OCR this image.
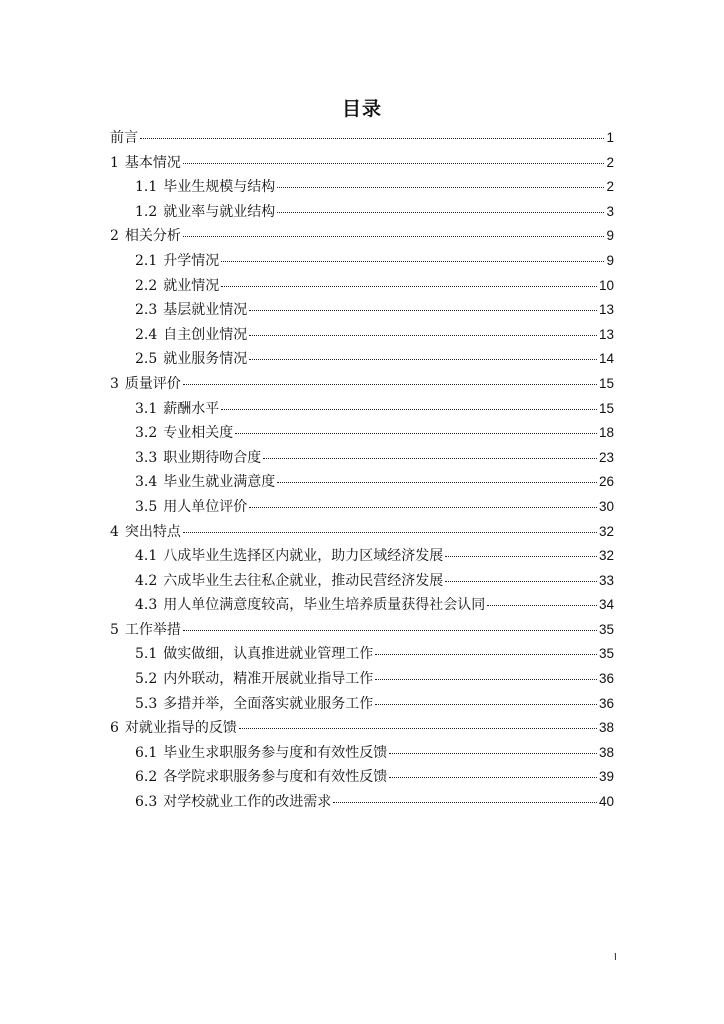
目录
前言	1
1 基本情况	2
1.1 毕业生规模与结构	2
1.2 就业率与就业结构	3
2 相关分析	9
2.1 升学情况	9
2.2 就业情况	10
2.3 基层就业情况	13
2.4 自主创业情况	13
2.5 就业服务情况	14
3 质量评价	15
3.1 薪酬水平	15
3.2 专业相关度	18
3.3 职业期待吻合度	23
3.4 毕业生就业满意度	26
3.5 用人单位评价	30
4 突出特点	32
4.1 八成毕业生选择区内就业，助力区域经济发展	32
4.2 六成毕业生去往私企就业，推动民营经济发展	33
4.3 用人单位满意度较高，毕业生培养质量获得社会认同	34
5 工作举措	35
5.1 做实做细，认真推进就业管理工作	35
5.2 内外联动，精准开展就业指导工作	36
5.3 多措并举，全面落实就业服务工作	36
6 对就业指导的反馈	38
6.1 毕业生求职服务参与度和有效性反馈	38
6.2 各学院求职服务参与度和有效性反馈	39
6.3 对学校就业工作的改进需求	40
I
